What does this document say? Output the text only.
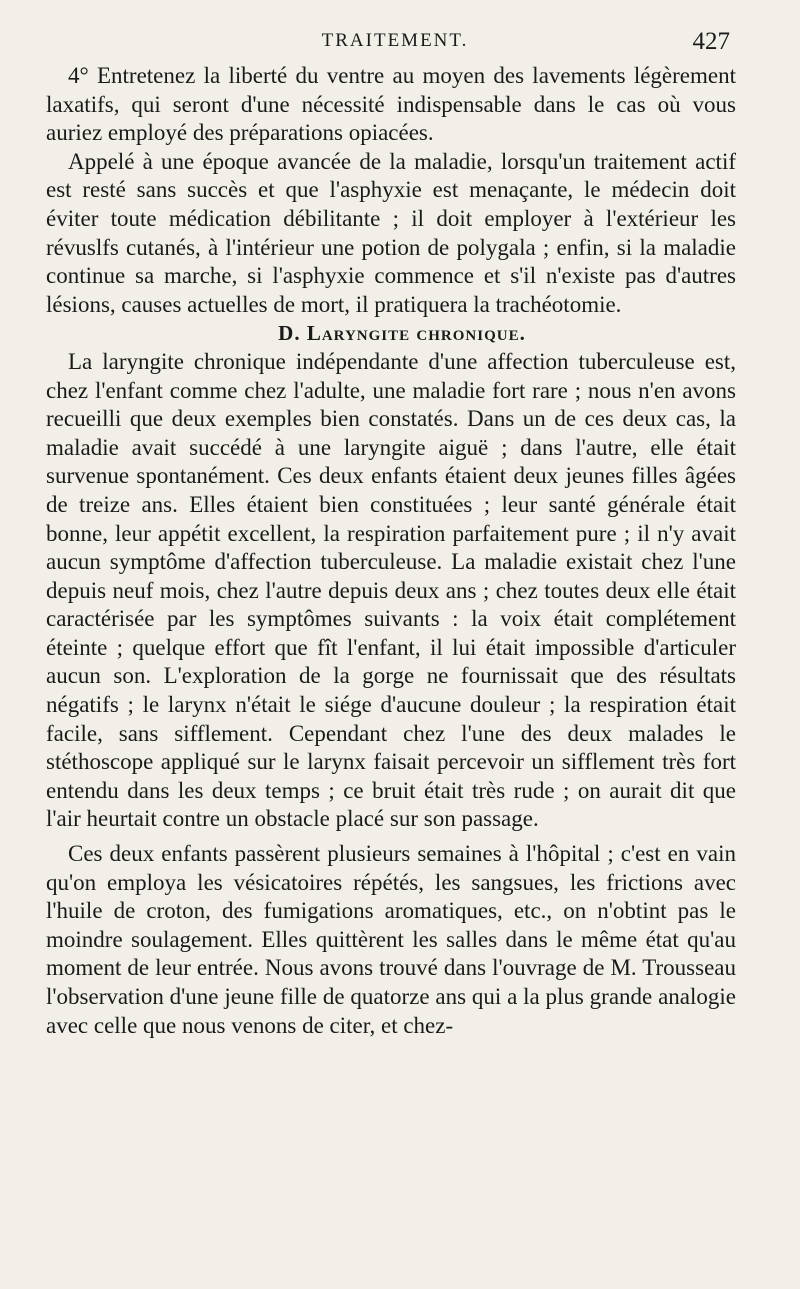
TRAITEMENT.	427

4° Entretenez la liberté du ventre au moyen des lavements légèrement laxatifs, qui seront d'une nécessité indispensable dans le cas où vous auriez employé des préparations opiacées.

Appelé à une époque avancée de la maladie, lorsqu'un traitement actif est resté sans succès et que l'asphyxie est menaçante, le médecin doit éviter toute médication débilitante ; il doit employer à l'extérieur les révuslfs cutanés, à l'intérieur une potion de polygala ; enfin, si la maladie continue sa marche, si l'asphyxie commence et s'il n'existe pas d'autres lésions, causes actuelles de mort, il pratiquera la trachéotomie.

D. Laryngite chronique.

La laryngite chronique indépendante d'une affection tuberculeuse est, chez l'enfant comme chez l'adulte, une maladie fort rare ; nous n'en avons recueilli que deux exemples bien constatés. Dans un de ces deux cas, la maladie avait succédé à une laryngite aiguë ; dans l'autre, elle était survenue spontanément. Ces deux enfants étaient deux jeunes filles âgées de treize ans. Elles étaient bien constituées ; leur santé générale était bonne, leur appétit excellent, la respiration parfaitement pure ; il n'y avait aucun symptôme d'affection tuberculeuse. La maladie existait chez l'une depuis neuf mois, chez l'autre depuis deux ans ; chez toutes deux elle était caractérisée par les symptômes suivants : la voix était complétement éteinte ; quelque effort que fît l'enfant, il lui était impossible d'articuler aucun son. L'exploration de la gorge ne fournissait que des résultats négatifs ; le larynx n'était le siége d'aucune douleur ; la respiration était facile, sans sifflement. Cependant chez l'une des deux malades le stéthoscope appliqué sur le larynx faisait percevoir un sifflement très fort entendu dans les deux temps ; ce bruit était très rude ; on aurait dit que l'air heurtait contre un obstacle placé sur son passage.

Ces deux enfants passèrent plusieurs semaines à l'hôpital ; c'est en vain qu'on employa les vésicatoires répétés, les sangsues, les frictions avec l'huile de croton, des fumigations aromatiques, etc., on n'obtint pas le moindre soulagement. Elles quittèrent les salles dans le même état qu'au moment de leur entrée. Nous avons trouvé dans l'ouvrage de M. Trousseau l'observation d'une jeune fille de quatorze ans qui a la plus grande analogie avec celle que nous venons de citer, et chez-
